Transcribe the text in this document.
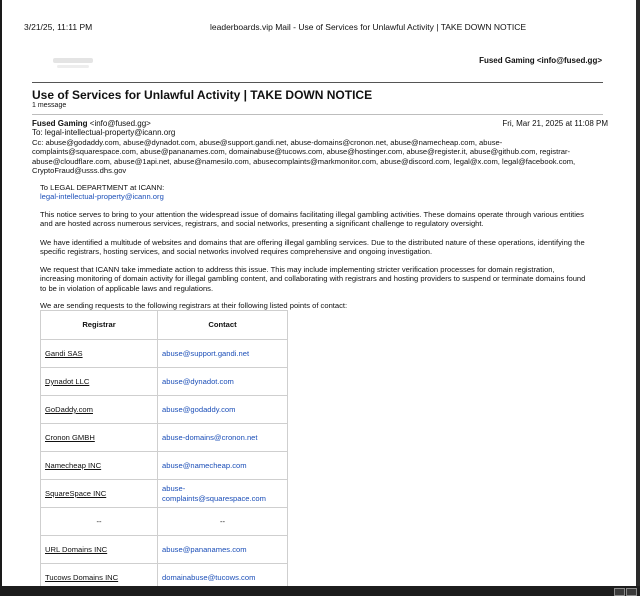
3/21/25, 11:11 PM	leaderboards.vip Mail - Use of Services for Unlawful Activity | TAKE DOWN NOTICE
Fused Gaming <info@fused.gg>
Use of Services for Unlawful Activity | TAKE DOWN NOTICE
1 message
Fused Gaming <info@fused.gg>	Fri, Mar 21, 2025 at 11:08 PM
To: legal-intellectual-property@icann.org
Cc: abuse@godaddy.com, abuse@dynadot.com, abuse@support.gandi.net, abuse-domains@cronon.net, abuse@namecheap.com, abuse-complaints@squarespace.com, abuse@pananames.com, domainabuse@tucows.com, abuse@hostinger.com, abuse@register.it, abuse@github.com, registrar-abuse@cloudflare.com, abuse@1api.net, abuse@namesilo.com, abusecomplaints@markmonitor.com, abuse@discord.com, legal@x.com, legal@facebook.com, CryptoFraud@usss.dhs.gov
To LEGAL DEPARTMENT at ICANN:
legal-intellectual-property@icann.org
This notice serves to bring to your attention the widespread issue of domains facilitating illegal gambling activities. These domains operate through various entities and are hosted across numerous services, registrars, and social networks, presenting a significant challenge to regulatory oversight.
We have identified a multitude of websites and domains that are offering illegal gambling services. Due to the distributed nature of these operations, identifying the specific registrars, hosting services, and social networks involved requires comprehensive and ongoing investigation.
We request that ICANN take immediate action to address this issue. This may include implementing stricter verification processes for domain registration, increasing monitoring of domain activity for illegal gambling content, and collaborating with registrars and hosting providers to suspend or terminate domains found to be in violation of applicable laws and regulations.
We are sending requests to the following registrars at their following listed points of contact:
Registrar	Contact
Gandi SAS	abuse@support.gandi.net
Dynadot LLC	abuse@dynadot.com
GoDaddy.com	abuse@godaddy.com
Cronon GMBH	abuse-domains@cronon.net
Namecheap INC	abuse@namecheap.com
SquareSpace INC	abuse-complaints@squarespace.com
--	--
URL Domains INC	abuse@pananames.com
Tucows Domains INC	domainabuse@tucows.com
